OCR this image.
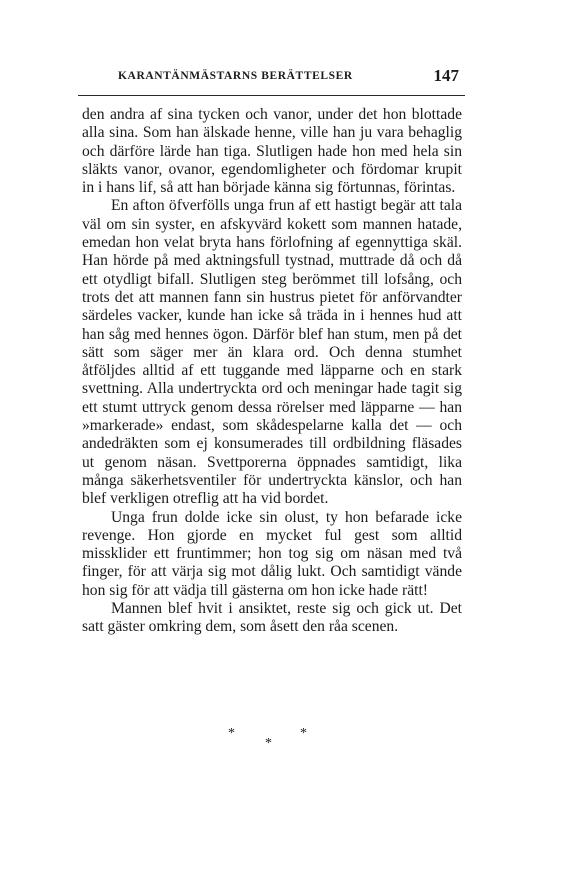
KARANTÄNMÄSTARNS BERÄTTELSER	147

den andra af sina tycken och vanor, under det hon blottade alla sina. Som han älskade henne, ville han ju vara behaglig och därföre lärde han tiga. Slutligen hade hon med hela sin släkts vanor, ovanor, egendomligheter och fördomar krupit in i hans lif, så att han började känna sig förtunnas, förintas.

En afton öfverfölls unga frun af ett hastigt begär att tala väl om sin syster, en afskyvärd kokett som mannen hatade, emedan hon velat bryta hans förlofning af egennyttiga skäl. Han hörde på med aktningsfull tystnad, muttrade då och då ett otydligt bifall. Slutligen steg berömmet till lofsång, och trots det att mannen fann sin hustrus pietet för anförvandter särdeles vacker, kunde han icke så träda in i hennes hud att han såg med hennes ögon. Därför blef han stum, men på det sätt som säger mer än klara ord. Och denna stumhet åtföljdes alltid af ett tuggande med läpparne och en stark svettning. Alla undertryckta ord och meningar hade tagit sig ett stumt uttryck genom dessa rörelser med läpparne — han »markerade» endast, som skådespelarne kalla det — och andedräkten som ej konsumerades till ordbildning fläsades ut genom näsan. Svettporerna öppnades samtidigt, lika många säkerhetsventiler för undertryckta känslor, och han blef verkligen otreflig att ha vid bordet.

Unga frun dolde icke sin olust, ty hon befarade icke revenge. Hon gjorde en mycket ful gest som alltid missklider ett fruntimmer; hon tog sig om näsan med två finger, för att värja sig mot dålig lukt. Och samtidigt vände hon sig för att vädja till gästerna om hon icke hade rätt!

Mannen blef hvit i ansiktet, reste sig och gick ut. Det satt gäster omkring dem, som åsett den råa scenen.

*
*
*
